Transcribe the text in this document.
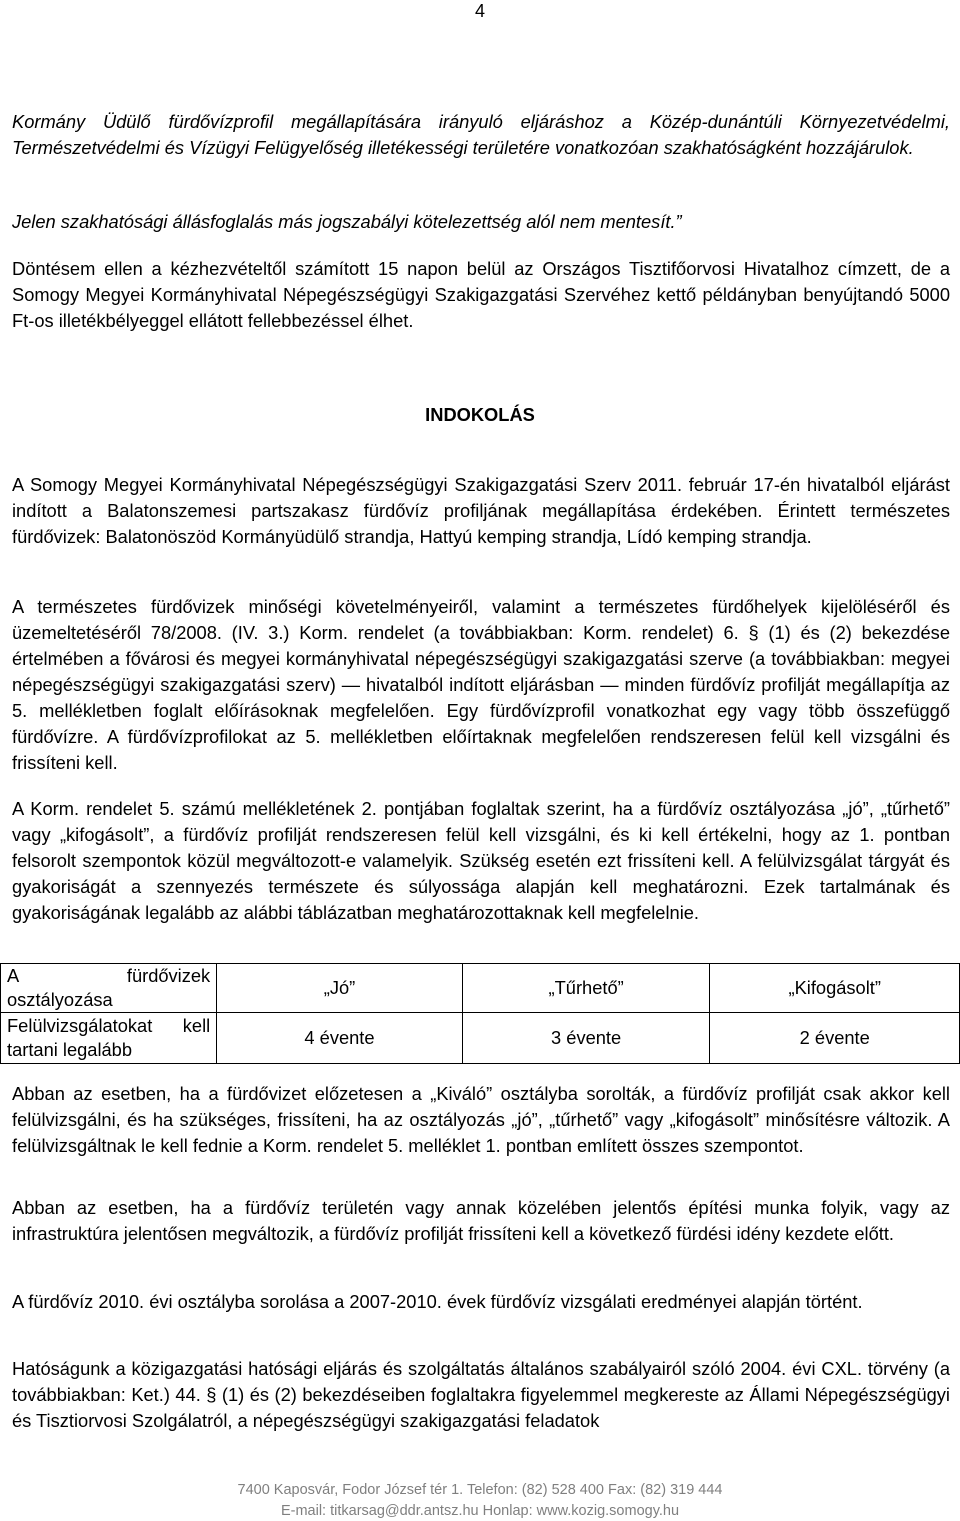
4

Kormány Üdülő fürdővízprofil megállapítására irányuló eljáráshoz a Közép-dunántúli Környezetvédelmi, Természetvédelmi és Vízügyi Felügyelőség illetékességi területére vonatkozóan szakhatóságként hozzájárulok.

Jelen szakhatósági állásfoglalás más jogszabályi kötelezettség alól nem mentesít.”

Döntésem ellen a kézhezvételtől számított 15 napon belül az Országos Tisztifőorvosi Hivatalhoz címzett, de a Somogy Megyei Kormányhivatal Népegészségügyi Szakigazgatási Szervéhez kettő példányban benyújtandó 5000 Ft-os illetékbélyeggel ellátott fellebbezéssel élhet.

INDOKOLÁS

A Somogy Megyei Kormányhivatal Népegészségügyi Szakigazgatási Szerv 2011. február 17-én hivatalból eljárást indított a Balatonszemesi partszakasz fürdővíz profiljának megállapítása érdekében. Érintett természetes fürdővizek: Balatonöszöd Kormányüdülő strandja, Hattyú kemping strandja, Lídó kemping strandja.

A természetes fürdővizek minőségi követelményeiről, valamint a természetes fürdőhelyek kijelöléséről és üzemeltetéséről 78/2008. (IV. 3.) Korm. rendelet (a továbbiakban: Korm. rendelet) 6. § (1) és (2) bekezdése értelmében a fővárosi és megyei kormányhivatal népegészségügyi szakigazgatási szerve (a továbbiakban: megyei népegészségügyi szakigazgatási szerv) — hivatalból indított eljárásban — minden fürdővíz profilját megállapítja az 5. mellékletben foglalt előírásoknak megfelelően. Egy fürdővízprofil vonatkozhat egy vagy több összefüggő fürdővízre. A fürdővízprofilokat az 5. mellékletben előírtaknak megfelelően rendszeresen felül kell vizsgálni és frissíteni kell.

A Korm. rendelet 5. számú mellékletének 2. pontjában foglaltak szerint, ha a fürdővíz osztályozása „jó”, „tűrhető” vagy „kifogásolt”, a fürdővíz profilját rendszeresen felül kell vizsgálni, és ki kell értékelni, hogy az 1. pontban felsorolt szempontok közül megváltozott-e valamelyik. Szükség esetén ezt frissíteni kell. A felülvizsgálat tárgyát és gyakoriságát a szennyezés természete és súlyossága alapján kell meghatározni. Ezek tartalmának és gyakoriságának legalább az alábbi táblázatban meghatározottaknak kell megfelelnie.

A fürdővizek osztályozása	„Jó”	„Tűrhető”	„Kifogásolt”
Felülvizsgálatokat kell tartani legalább	4 évente	3 évente	2 évente

Abban az esetben, ha a fürdővizet előzetesen a „Kiváló” osztályba sorolták, a fürdővíz profilját csak akkor kell felülvizsgálni, és ha szükséges, frissíteni, ha az osztályozás „jó”, „tűrhető” vagy „kifogásolt” minősítésre változik. A felülvizsgáltnak le kell fednie a Korm. rendelet 5. melléklet 1. pontban említett összes szempontot.

Abban az esetben, ha a fürdővíz területén vagy annak közelében jelentős építési munka folyik, vagy az infrastruktúra jelentősen megváltozik, a fürdővíz profilját frissíteni kell a következő fürdési idény kezdete előtt.

A fürdővíz 2010. évi osztályba sorolása a 2007-2010. évek fürdővíz vizsgálati eredményei alapján történt.

Hatóságunk a közigazgatási hatósági eljárás és szolgáltatás általános szabályairól szóló 2004. évi CXL. törvény (a továbbiakban: Ket.) 44. § (1) és (2) bekezdéseiben foglaltakra figyelemmel megkereste az Állami Népegészségügyi és Tisztiorvosi Szolgálatról, a népegészségügyi szakigazgatási feladatok

7400 Kaposvár, Fodor József tér 1. Telefon: (82) 528 400 Fax: (82) 319 444
E-mail: titkarsag@ddr.antsz.hu Honlap: www.kozig.somogy.hu
